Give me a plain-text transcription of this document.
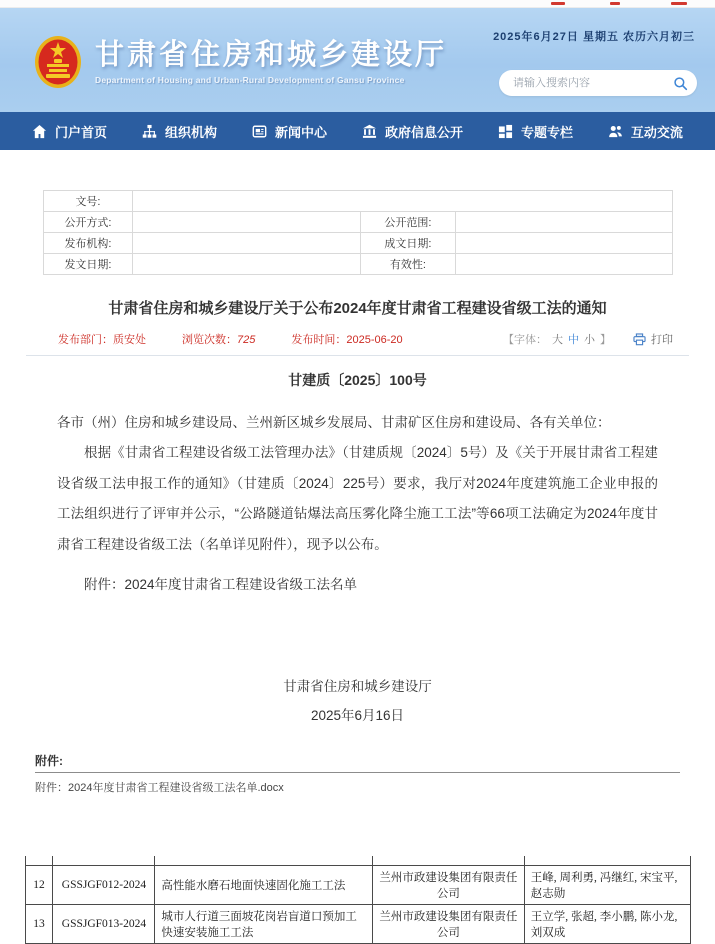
2025年6月27日 星期五 农历六月初三
甘肃省住房和城乡建设厅
Department of Housing and Urban-Rural Development of Gansu Province
请输入搜索内容
门户首页	组织机构	新闻中心	政府信息公开	专题专栏	互动交流
文号:			
公开方式:		公开范围:	
发布机构:		成文日期:	
发文日期:		有效性:	
甘肃省住房和城乡建设厅关于公布2024年度甘肃省工程建设省级工法的通知
发布部门：质安处	浏览次数：725	发布时间：2025-06-20	【字体： 大 中 小 】	打印
甘建质〔2025〕100号

各市（州）住房和城乡建设局、兰州新区城乡发展局、甘肃矿区住房和建设局、各有关单位：

根据《甘肃省工程建设省级工法管理办法》（甘建质规〔2024〕5号）及《关于开展甘肃省工程建设省级工法申报工作的通知》（甘建质〔2024〕225号）要求，我厅对2024年度建筑施工企业申报的工法组织进行了评审并公示，“公路隧道钻爆法高压雾化降尘施工工法”等66项工法确定为2024年度甘肃省工程建设省级工法（名单详见附件），现予以公布。

附件：2024年度甘肃省工程建设省级工法名单

甘肃省住房和城乡建设厅
2025年6月16日
附件:
附件：2024年度甘肃省工程建设省级工法名单.docx

12	GSSJGF012-2024	高性能水磨石地面快速固化施工工法	兰州市政建设集团有限责任公司	王峰, 周利勇, 冯继红, 宋宝平, 赵志勋
13	GSSJGF013-2024	城市人行道三面坡花岗岩盲道口预加工快速安装施工工法	兰州市政建设集团有限责任公司	王立学, 张超, 李小鹏, 陈小龙, 刘双成
